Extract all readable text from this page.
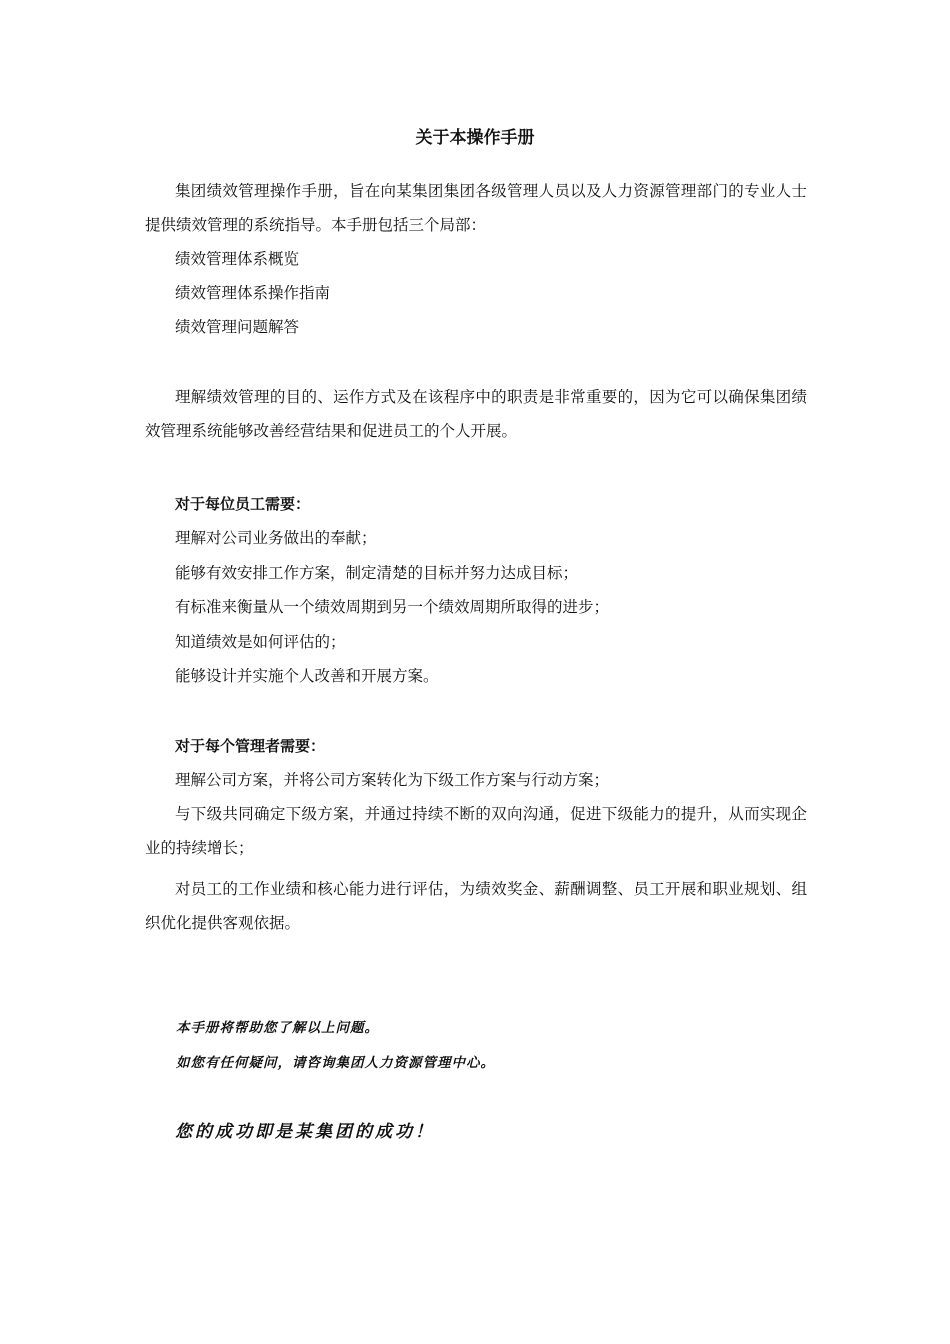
关于本操作手册

集团绩效管理操作手册，旨在向某集团集团各级管理人员以及人力资源管理部门的专业人士提供绩效管理的系统指导。本手册包括三个局部：

绩效管理体系概览

绩效管理体系操作指南

绩效管理问题解答

理解绩效管理的目的、运作方式及在该程序中的职责是非常重要的，因为它可以确保集团绩效管理系统能够改善经营结果和促进员工的个人开展。

对于每位员工需要：

理解对公司业务做出的奉献；

能够有效安排工作方案，制定清楚的目标并努力达成目标；

有标准来衡量从一个绩效周期到另一个绩效周期所取得的进步；

知道绩效是如何评估的；

能够设计并实施个人改善和开展方案。

对于每个管理者需要：

理解公司方案，并将公司方案转化为下级工作方案与行动方案；

与下级共同确定下级方案，并通过持续不断的双向沟通，促进下级能力的提升，从而实现企业的持续增长；

对员工的工作业绩和核心能力进行评估，为绩效奖金、薪酬调整、员工开展和职业规划、组织优化提供客观依据。

本手册将帮助您了解以上问题。

如您有任何疑问，请咨询集团人力资源管理中心。

您的成功即是某集团的成功！
